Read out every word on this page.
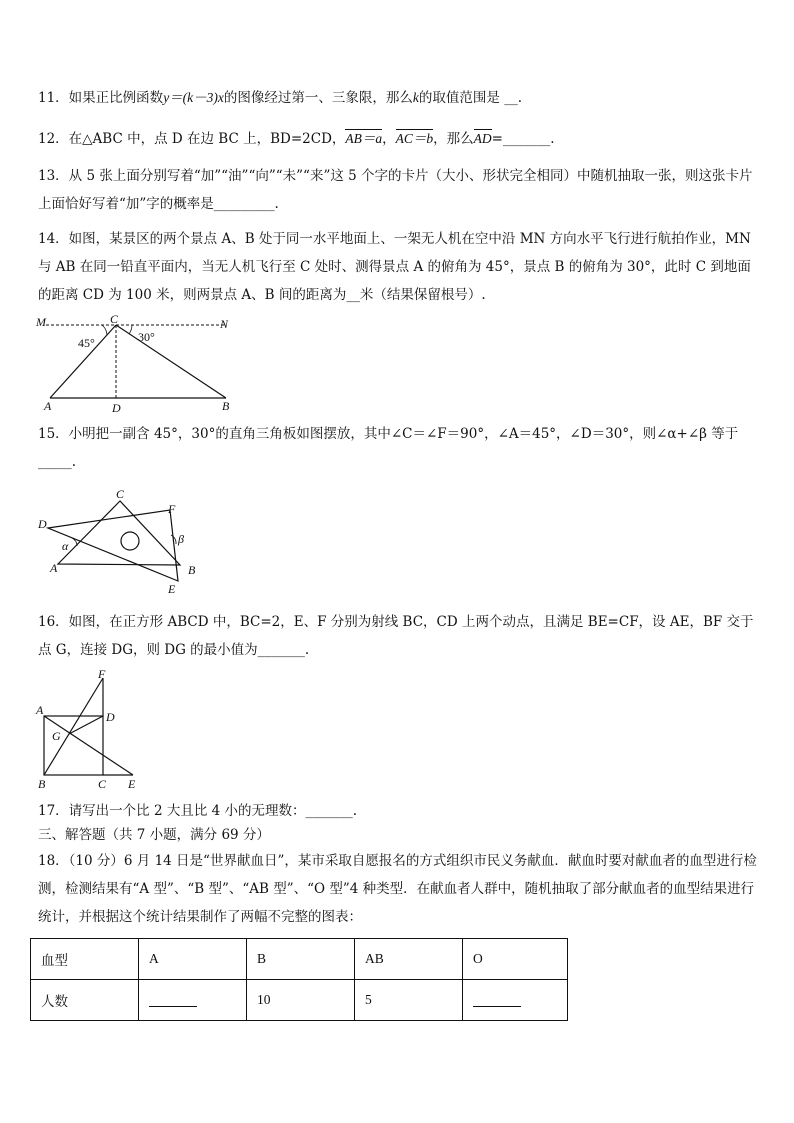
11．如果正比例函数y＝(k－3)x的图像经过第一、三象限，那么k的取值范围是 __.
12．在△ABC 中，点 D 在边 BC 上，BD=2CD，AB＝a，AC＝b，那么AD=_______.
13．从 5 张上面分别写着“加”“油”“向”“未”“来”这 5 个字的卡片（大小、形状完全相同）中随机抽取一张，则这张卡片上面恰好写着“加”字的概率是_________.
14．如图，某景区的两个景点 A、B 处于同一水平地面上、一架无人机在空中沿 MN 方向水平飞行进行航拍作业，MN 与 AB 在同一铅直平面内，当无人机飞行至 C 处时、测得景点 A 的俯角为 45°，景点 B 的俯角为 30°，此时 C 到地面的距离 CD 为 100 米，则两景点 A、B 间的距离为__米（结果保留根号）.
M	C	N
45°	30°
A	D	B
15．小明把一副含 45°，30°的直角三角板如图摆放，其中∠C＝∠F＝90°，∠A＝45°，∠D＝30°，则∠α+∠β 等于_____.
C
F
D
α	β
A	B
E
16．如图，在正方形 ABCD 中，BC=2，E、F 分别为射线 BC，CD 上两个动点，且满足 BE=CF，设 AE，BF 交于点 G，连接 DG，则 DG 的最小值为_______.
F
A	D
G
B	C E
17．请写出一个比 2 大且比 4 小的无理数：_______.
三、解答题（共 7 小题，满分 69 分）
18．（10 分）6 月 14 日是“世界献血日”，某市采取自愿报名的方式组织市民义务献血．献血时要对献血者的血型进行检测，检测结果有“A 型”、“B 型”、“AB 型”、“O 型”4 种类型．在献血者人群中，随机抽取了部分献血者的血型结果进行统计，并根据这个统计结果制作了两幅不完整的图表：
血型	A	B	AB	O
人数		10	5	
